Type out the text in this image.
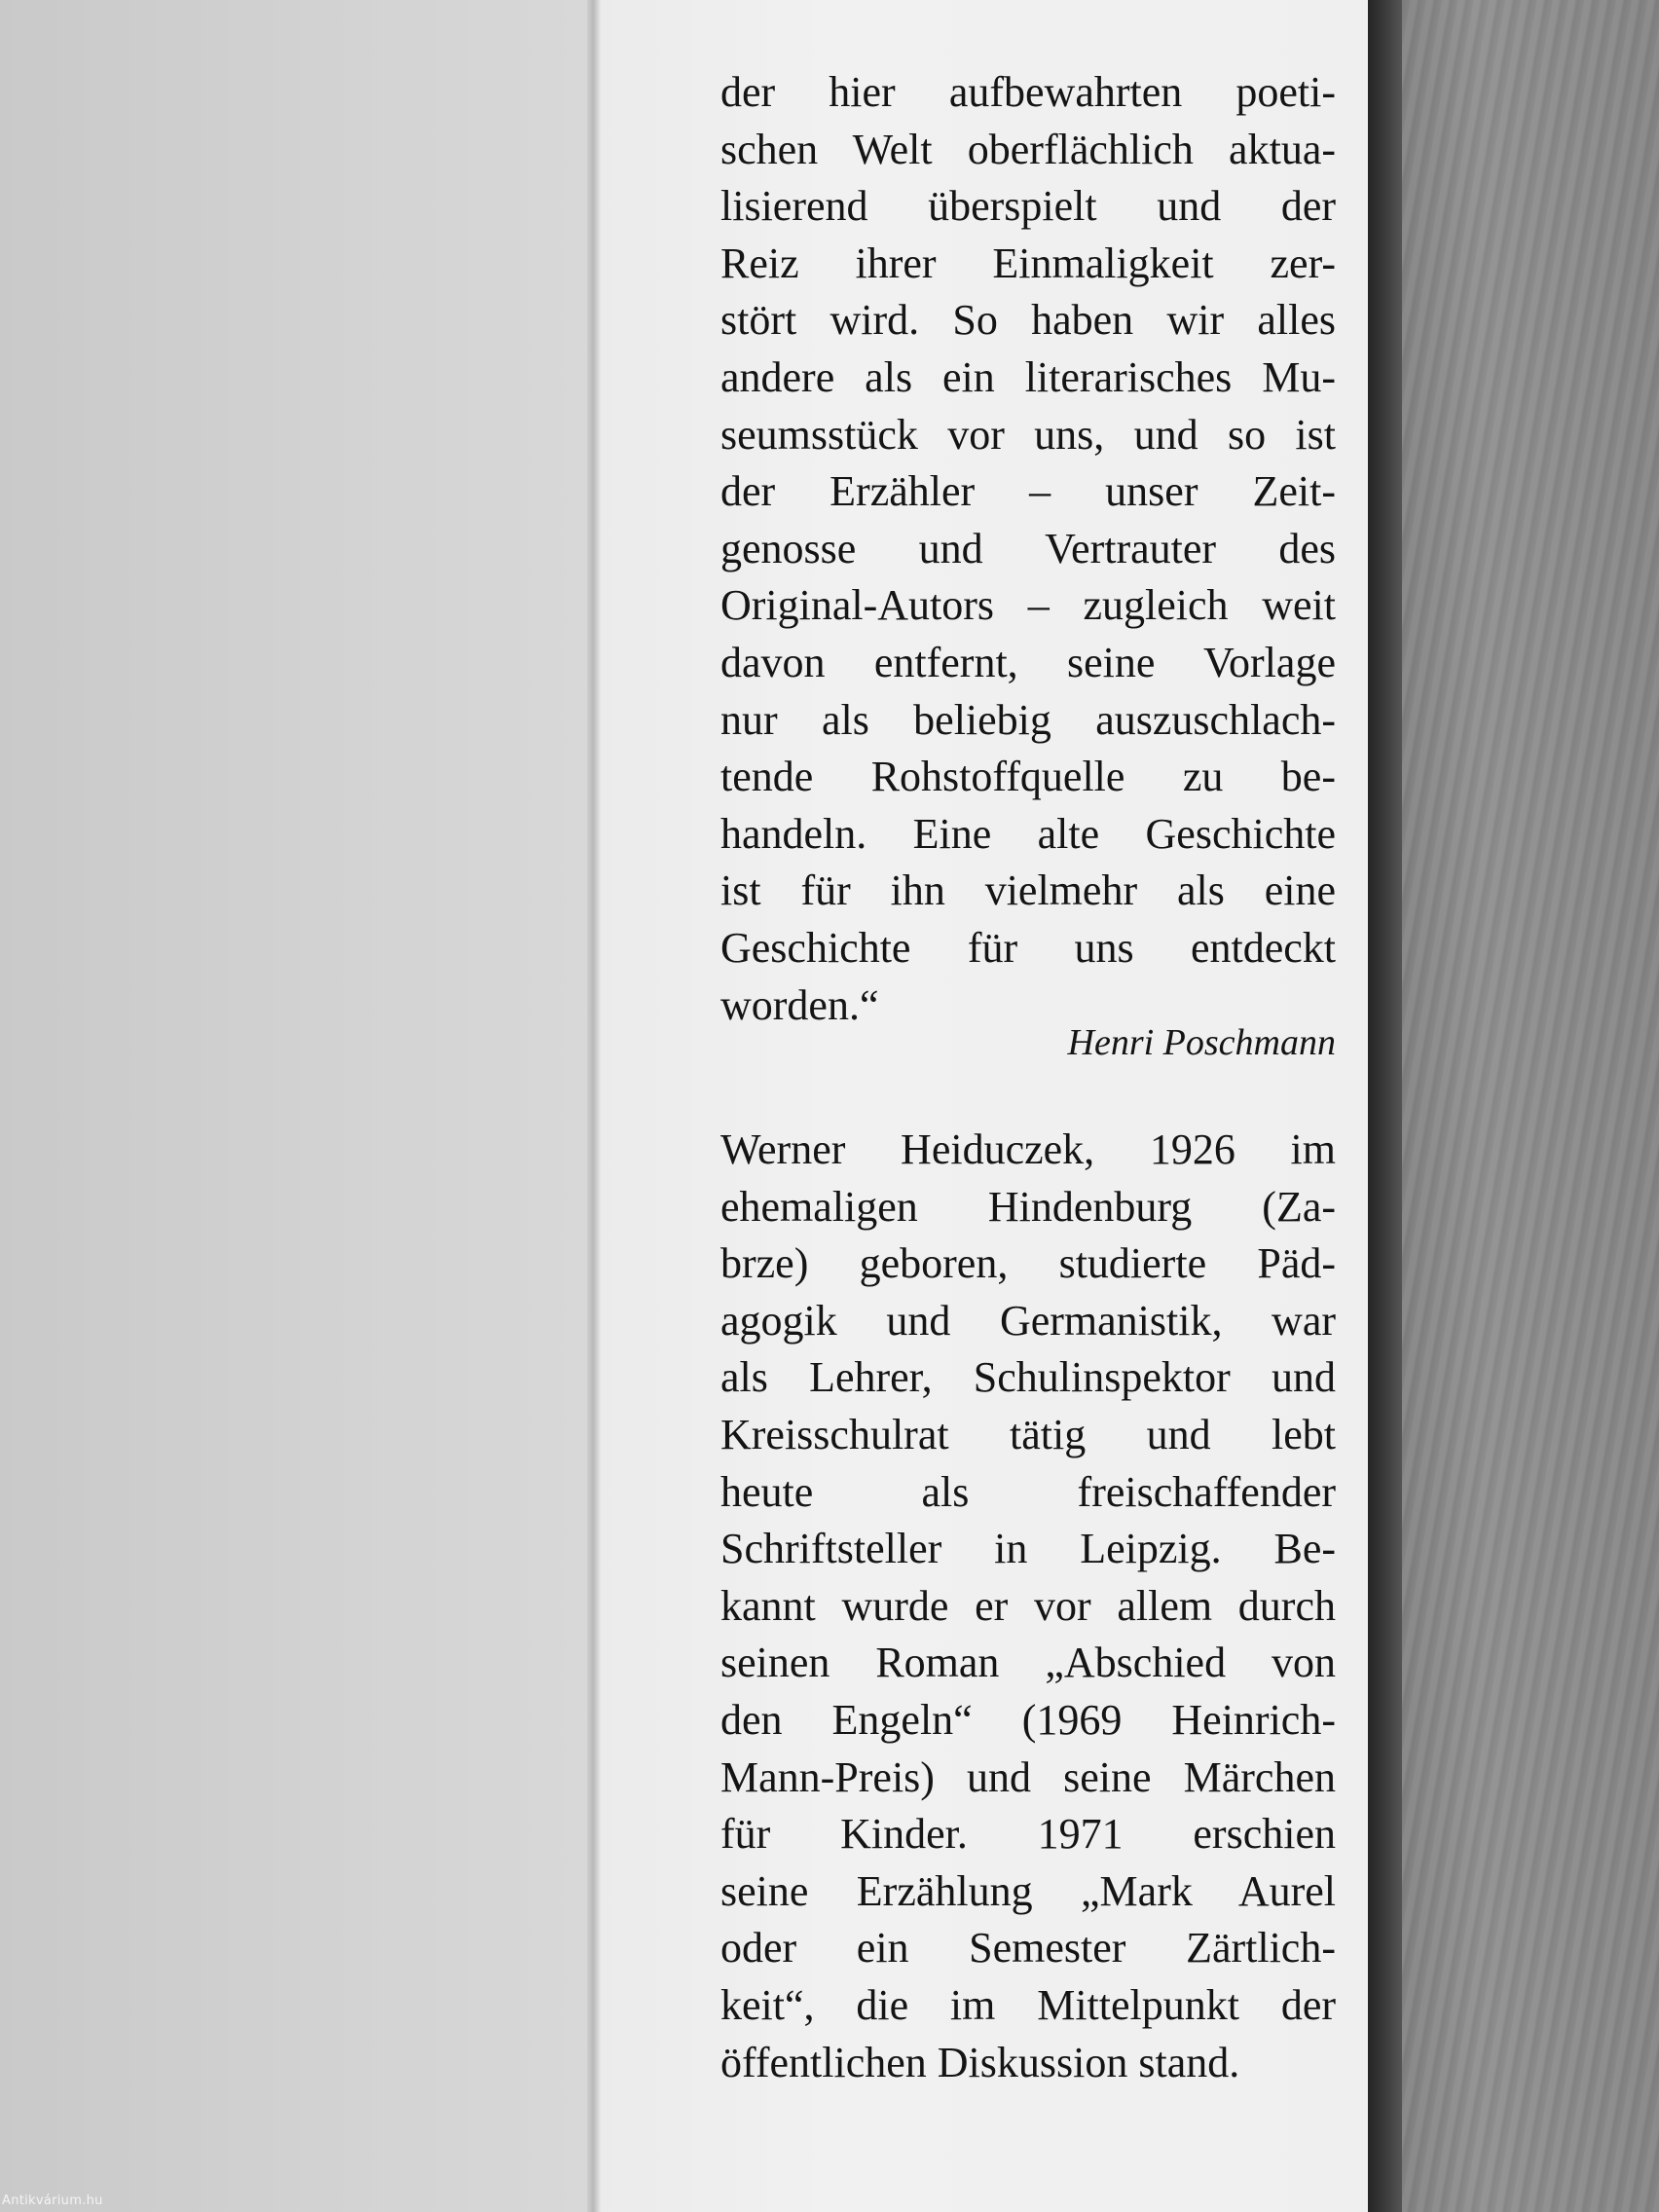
der hier aufbewahrten poeti-
schen Welt oberflächlich aktua-
lisierend überspielt und der
Reiz ihrer Einmaligkeit zer-
stört wird. So haben wir alles
andere als ein literarisches Mu-
seumsstück vor uns, und so ist
der Erzähler – unser Zeit-
genosse und Vertrauter des
Original-Autors – zugleich weit
davon entfernt, seine Vorlage
nur als beliebig auszuschlach-
tende Rohstoffquelle zu be-
handeln. Eine alte Geschichte
ist für ihn vielmehr als eine
Geschichte für uns entdeckt
worden.“
Henri Poschmann
Werner Heiduczek, 1926 im
ehemaligen Hindenburg (Za-
brze) geboren, studierte Päd-
agogik und Germanistik, war
als Lehrer, Schulinspektor und
Kreisschulrat tätig und lebt
heute als freischaffender
Schriftsteller in Leipzig. Be-
kannt wurde er vor allem durch
seinen Roman „Abschied von
den Engeln“ (1969 Heinrich-
Mann-Preis) und seine Märchen
für Kinder. 1971 erschien
seine Erzählung „Mark Aurel
oder ein Semester Zärtlich-
keit“, die im Mittelpunkt der
öffentlichen Diskussion stand.
Antikvárium.hu
